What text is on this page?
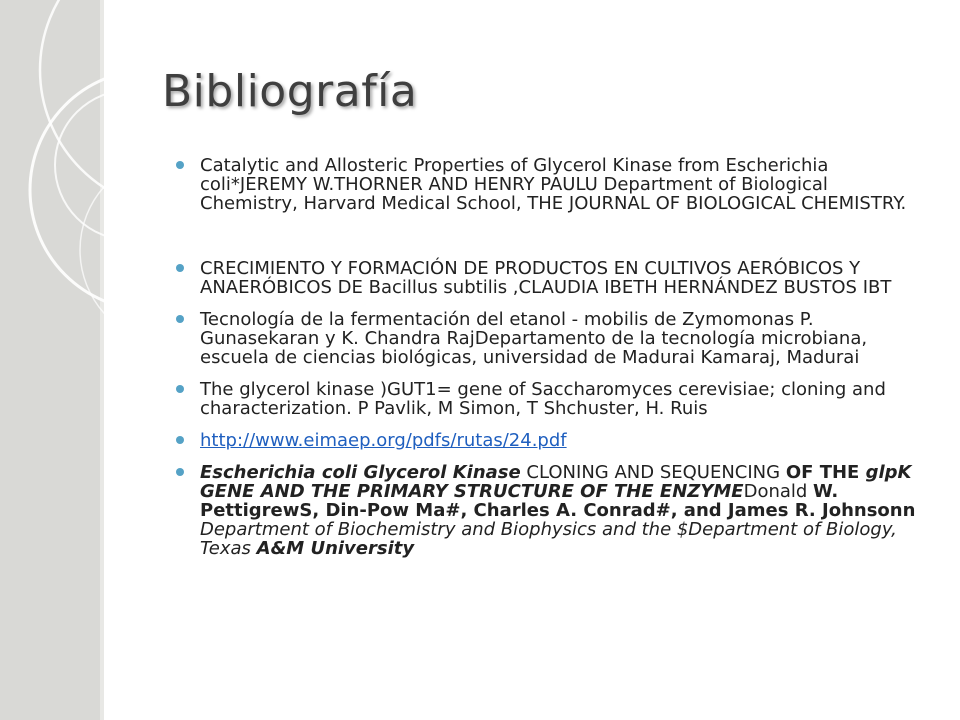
Bibliografía
Catalytic and Allosteric Properties of Glycerol Kinase from Escherichia coli*JEREMY W.THORNER AND HENRY PAULU Department of Biological Chemistry, Harvard Medical School, THE JOURNAL OF BIOLOGICAL CHEMISTRY.
CRECIMIENTO Y FORMACIÓN DE PRODUCTOS EN CULTIVOS AERÓBICOS Y ANAERÓBICOS DE Bacillus subtilis ,CLAUDIA IBETH HERNÁNDEZ BUSTOS IBT
Tecnología de la fermentación del etanol - mobilis de Zymomonas P. Gunasekaran y K. Chandra RajDepartamento de la tecnología microbiana, escuela de ciencias biológicas, universidad de Madurai Kamaraj, Madurai
The glycerol kinase )GUT1= gene of Saccharomyces cerevisiae; cloning and characterization. P Pavlik, M Simon, T Shchuster, H. Ruis
http://www.eimaep.org/pdfs/rutas/24.pdf
Escherichia coli Glycerol Kinase CLONING AND SEQUENCING OF THE glpK GENE AND THE PRIMARY STRUCTURE OF THE ENZYMEDonald W. PettigrewS, Din-Pow Ma#, Charles A. Conrad#, and James R. Johnsonn Department of Biochemistry and Biophysics and the $Department of Biology, Texas A&M University
